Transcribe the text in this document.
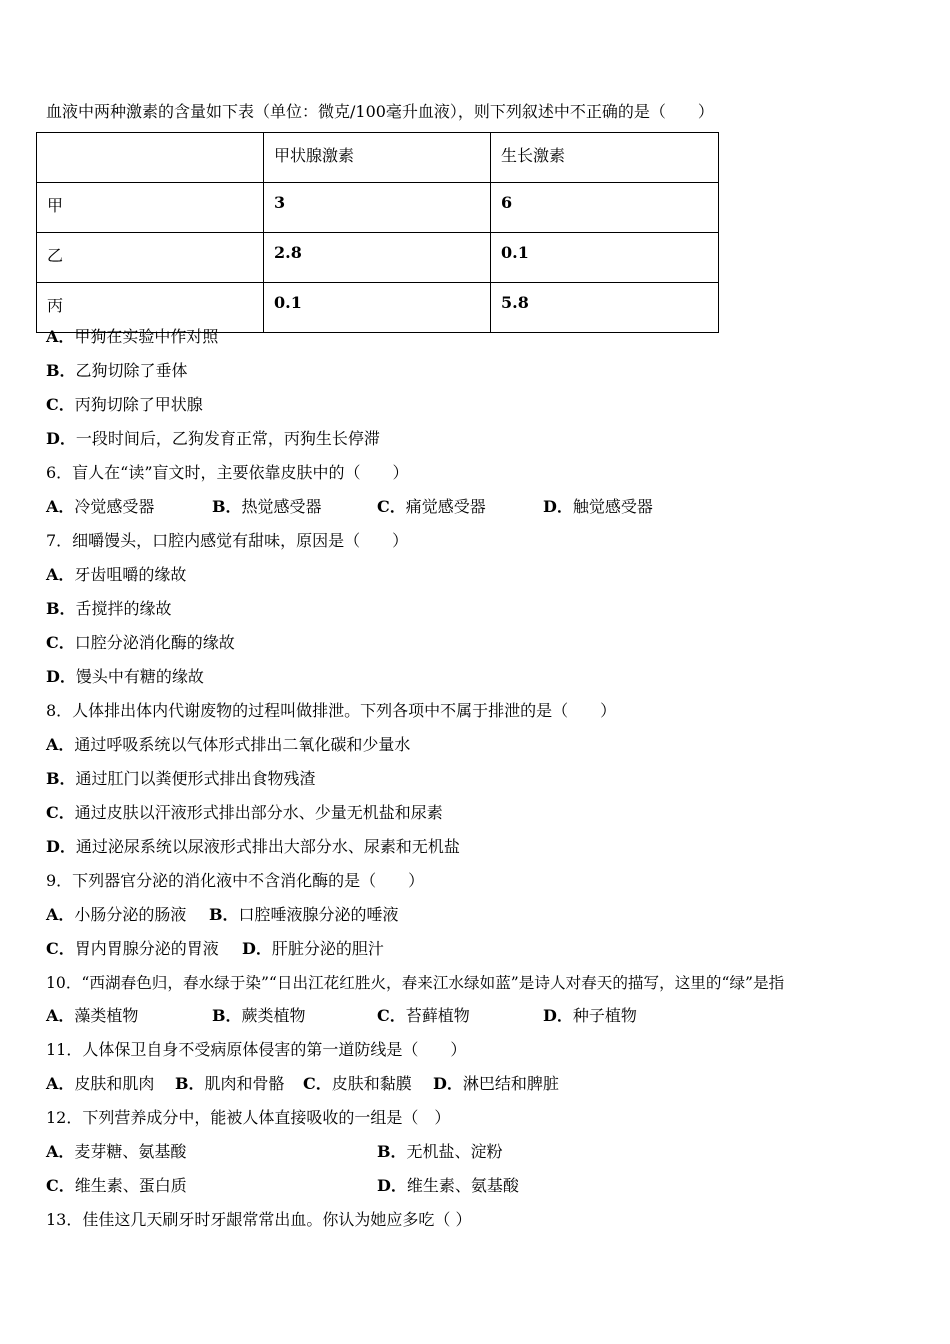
血液中两种激素的含量如下表（单位：微克/100毫升血液），则下列叙述中不正确的是（　　）
	甲状腺激素	生长激素
甲	3	6
乙	2.8	0.1
丙	0.1	5.8
A．甲狗在实验中作对照
B．乙狗切除了垂体
C．丙狗切除了甲状腺
D．一段时间后，乙狗发育正常，丙狗生长停滞
6．盲人在“读”盲文时，主要依靠皮肤中的（　　）
A．冷觉感受器	B．热觉感受器	C．痛觉感受器	D．触觉感受器
7．细嚼馒头，口腔内感觉有甜味，原因是（　　）
A．牙齿咀嚼的缘故
B．舌搅拌的缘故
C．口腔分泌消化酶的缘故
D．馒头中有糖的缘故
8．人体排出体内代谢废物的过程叫做排泄。下列各项中不属于排泄的是（　　）
A．通过呼吸系统以气体形式排出二氧化碳和少量水
B．通过肛门以粪便形式排出食物残渣
C．通过皮肤以汗液形式排出部分水、少量无机盐和尿素
D．通过泌尿系统以尿液形式排出大部分水、尿素和无机盐
9．下列器官分泌的消化液中不含消化酶的是（　　）
A．小肠分泌的肠液 B．口腔唾液腺分泌的唾液
C．胃内胃腺分泌的胃液 D．肝脏分泌的胆汁
10．“西湖春色归，春水绿于染”“日出江花红胜火，春来江水绿如蓝”是诗人对春天的描写，这里的“绿”是指
A．藻类植物	B．蕨类植物	C．苔藓植物	D．种子植物
11．人体保卫自身不受病原体侵害的第一道防线是（　　）
A．皮肤和肌肉 B．肌肉和骨骼 C．皮肤和黏膜 D．淋巴结和脾脏
12．下列营养成分中，能被人体直接吸收的一组是（　）
A．麦芽糖、氨基酸	B．无机盐、淀粉
C．维生素、蛋白质	D．维生素、氨基酸
13．佳佳这几天刷牙时牙龈常常出血。你认为她应多吃（ ）
